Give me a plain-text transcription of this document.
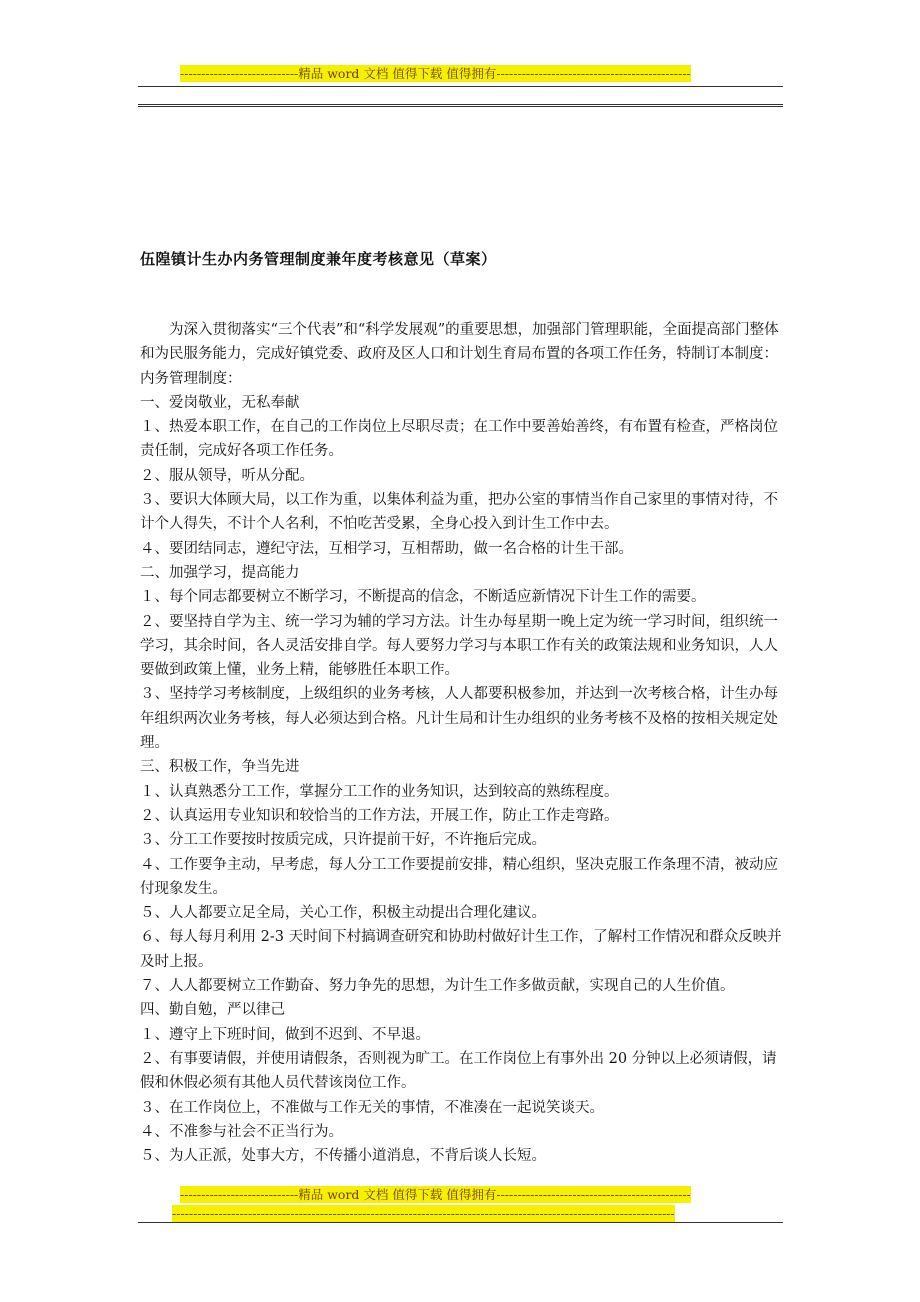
----------------------------精品 word 文档 值得下载 值得拥有----------------------------------------------
伍隍镇计生办内务管理制度兼年度考核意见（草案）

为深入贯彻落实“三个代表”和“科学发展观”的重要思想，加强部门管理职能，全面提高部门整体和为民服务能力，完成好镇党委、政府及区人口和计划生育局布置的各项工作任务，特制订本制度：

内务管理制度：

一、爱岗敬业，无私奉献

１、热爱本职工作，在自己的工作岗位上尽职尽责；在工作中要善始善终，有布置有检查，严格岗位责任制，完成好各项工作任务。

２、服从领导，听从分配。

３、要识大体顾大局，以工作为重，以集体利益为重，把办公室的事情当作自己家里的事情对待，不计个人得失，不计个人名利，不怕吃苦受累，全身心投入到计生工作中去。

４、要团结同志，遵纪守法，互相学习，互相帮助，做一名合格的计生干部。

二、加强学习，提高能力

１、每个同志都要树立不断学习，不断提高的信念，不断适应新情况下计生工作的需要。

２、要坚持自学为主、统一学习为辅的学习方法。计生办每星期一晚上定为统一学习时间，组织统一学习，其余时间，各人灵活安排自学。每人要努力学习与本职工作有关的政策法规和业务知识，人人要做到政策上懂，业务上精，能够胜任本职工作。

３、坚持学习考核制度，上级组织的业务考核，人人都要积极参加，并达到一次考核合格，计生办每年组织两次业务考核，每人必须达到合格。凡计生局和计生办组织的业务考核不及格的按相关规定处理。

三、积极工作，争当先进

１、认真熟悉分工工作，掌握分工工作的业务知识，达到较高的熟练程度。

２、认真运用专业知识和较恰当的工作方法，开展工作，防止工作走弯路。

３、分工工作要按时按质完成，只许提前干好，不许拖后完成。

４、工作要争主动，早考虑，每人分工工作要提前安排，精心组织，坚决克服工作条理不清，被动应付现象发生。

５、人人都要立足全局，关心工作，积极主动提出合理化建议。

６、每人每月利用 2-3 天时间下村搞调查研究和协助村做好计生工作，了解村工作情况和群众反映并及时上报。

７、人人都要树立工作勤奋、努力争先的思想，为计生工作多做贡献，实现自己的人生价值。

四、勤自勉，严以律己

１、遵守上下班时间，做到不迟到、不早退。

２、有事要请假，并使用请假条，否则视为旷工。在工作岗位上有事外出 20 分钟以上必须请假，请假和休假必须有其他人员代替该岗位工作。

３、在工作岗位上，不准做与工作无关的事情，不准凑在一起说笑谈天。

４、不准参与社会不正当行为。

５、为人正派，处事大方，不传播小道消息，不背后谈人长短。

----------------------------精品 word 文档 值得下载 值得拥有----------------------------------------------
-----------------------------------------------------------------------------------------------------------------------
